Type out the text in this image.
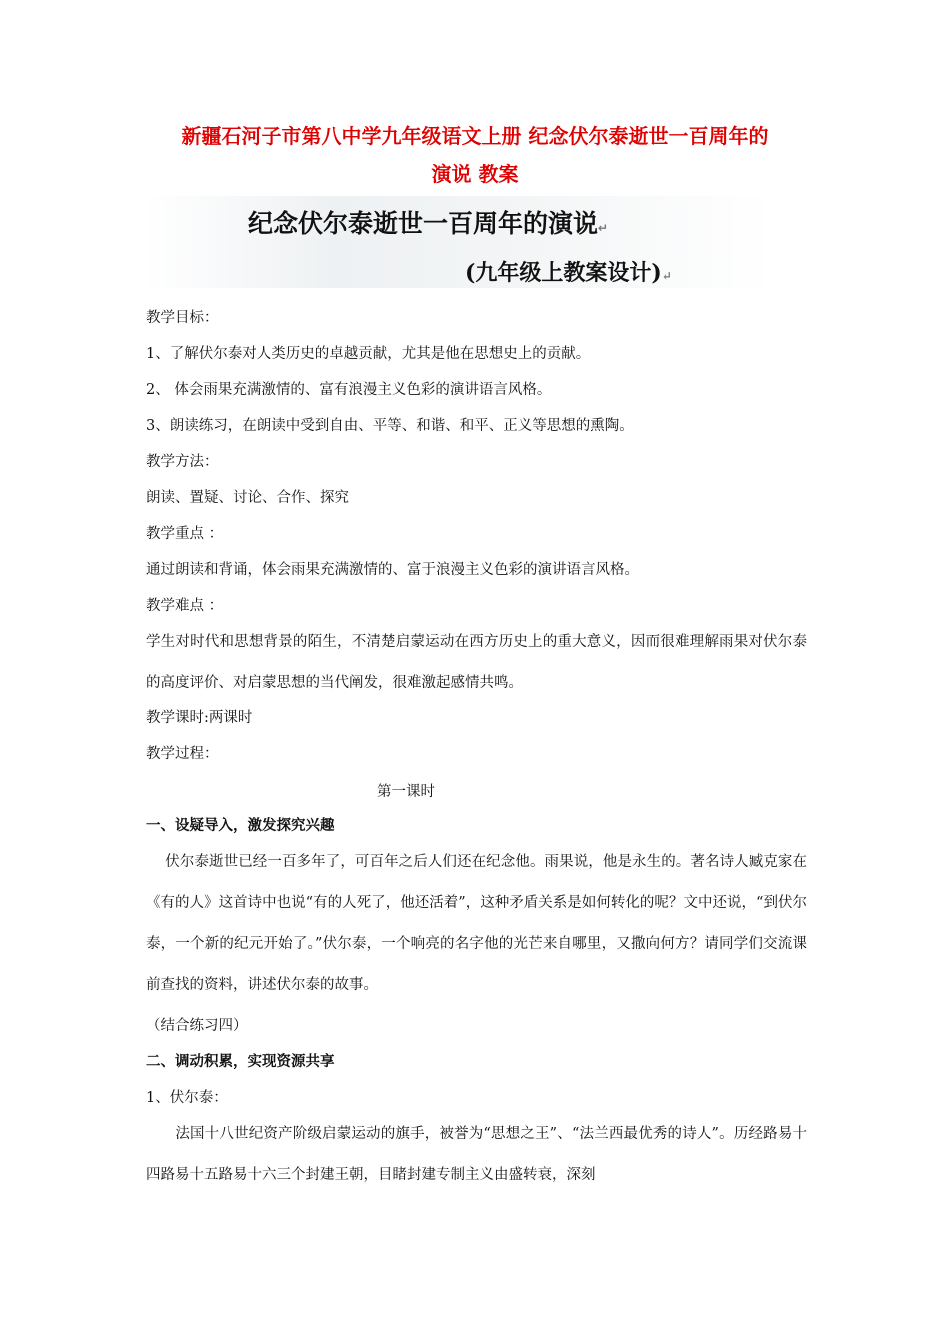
新疆石河子市第八中学九年级语文上册 纪念伏尔泰逝世一百周年的
演说 教案
纪念伏尔泰逝世一百周年的演说↵
(九年级上教案设计)↵
教学目标：
1、了解伏尔泰对人类历史的卓越贡献，尤其是他在思想史上的贡献。
2、 体会雨果充满激情的、富有浪漫主义色彩的演讲语言风格。
3、朗读练习，在朗读中受到自由、平等、和谐、和平、正义等思想的熏陶。
教学方法：
朗读、置疑、讨论、合作、探究
教学重点 ：
通过朗读和背诵，体会雨果充满激情的、富于浪漫主义色彩的演讲语言风格。
教学难点 ：
学生对时代和思想背景的陌生，不清楚启蒙运动在西方历史上的重大意义，因而很难理解雨果对伏尔泰的高度评价、对启蒙思想的当代阐发，很难激起感情共鸣。
教学课时:两课时
教学过程：
第一课时
一、设疑导入，激发探究兴趣
　 伏尔泰逝世已经一百多年了，可百年之后人们还在纪念他。雨果说，他是永生的。著名诗人臧克家在《有的人》这首诗中也说“有的人死了，他还活着”，这种矛盾关系是如何转化的呢？文中还说，“到伏尔泰，一个新的纪元开始了。”伏尔泰，一个响亮的名字他的光芒来自哪里，又撒向何方？请同学们交流课前查找的资料，讲述伏尔泰的故事。
（结合练习四）
二、调动积累，实现资源共享
1、伏尔泰：
　　法国十八世纪资产阶级启蒙运动的旗手，被誉为“思想之王”、“法兰西最优秀的诗人”。历经路易十四路易十五路易十六三个封建王朝，目睹封建专制主义由盛转衰，深刻
